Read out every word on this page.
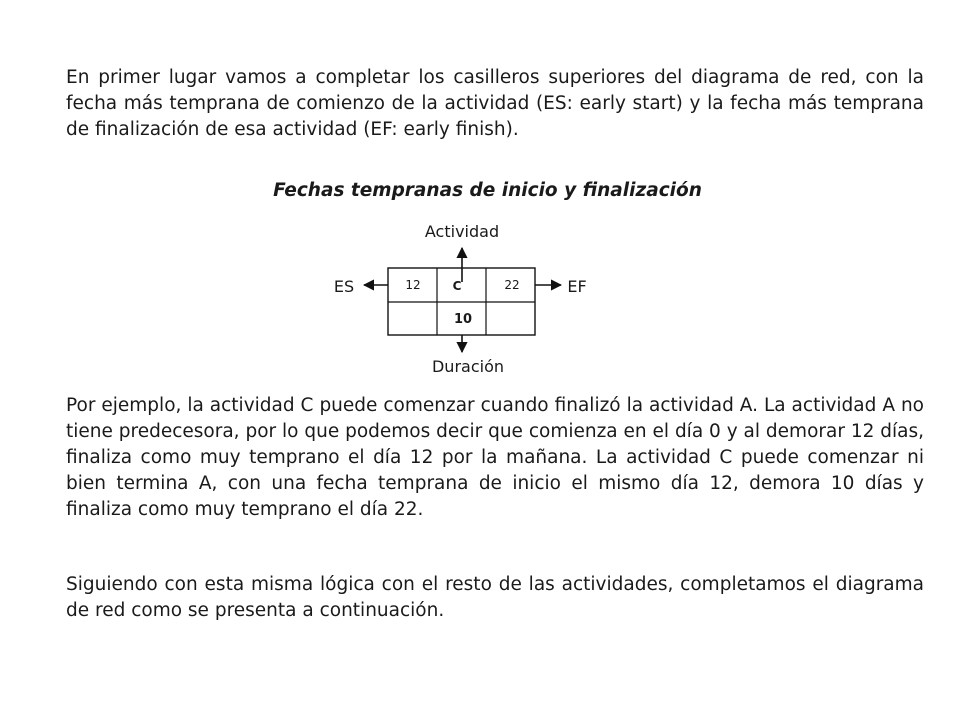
En primer lugar vamos a completar los casilleros superiores del diagrama de red, con la fecha más temprana de comienzo de la actividad (ES: early start) y la fecha más temprana de finalización de esa actividad (EF: early finish).

Fechas tempranas de inicio y finalización

Actividad
Duración
ES	EF
12	C	22
10

Por ejemplo, la actividad C puede comenzar cuando finalizó la actividad A. La actividad A no tiene predecesora, por lo que podemos decir que comienza en el día 0 y al demorar 12 días, finaliza como muy temprano el día 12 por la mañana. La actividad C puede comenzar ni bien termina A, con una fecha temprana de inicio el mismo día 12, demora 10 días y finaliza como muy temprano el día 22.

Siguiendo con esta misma lógica con el resto de las actividades, completamos el diagrama de red como se presenta a continuación.
